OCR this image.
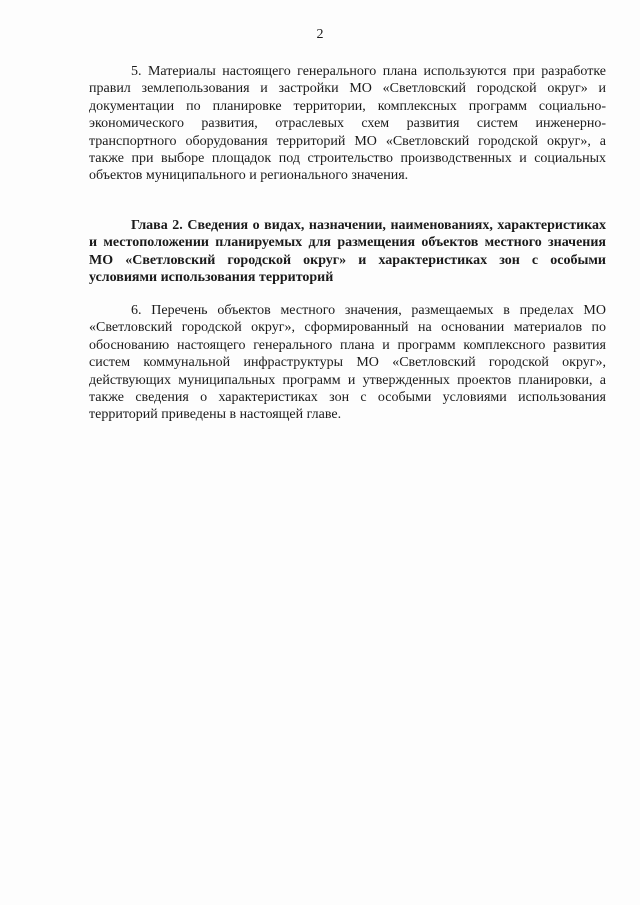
2

5. Материалы настоящего генерального плана используются при разработке правил землепользования и застройки МО «Светловский городской округ» и документации по планировке территории, комплексных программ социально-экономического развития, отраслевых схем развития систем инженерно-транспортного оборудования территорий МО «Светловский городской округ», а также при выборе площадок под строительство производственных и социальных объектов муниципального и регионального значения.

Глава 2. Сведения о видах, назначении, наименованиях, характеристиках и местоположении планируемых для размещения объектов местного значения МО «Светловский городской округ» и характеристиках зон с особыми условиями использования территорий

6. Перечень объектов местного значения, размещаемых в пределах МО «Светловский городской округ», сформированный на основании материалов по обоснованию настоящего генерального плана и программ комплексного развития систем коммунальной инфраструктуры МО «Светловский городской округ», действующих муниципальных программ и утвержденных проектов планировки, а также сведения о характеристиках зон с особыми условиями использования территорий приведены в настоящей главе.
